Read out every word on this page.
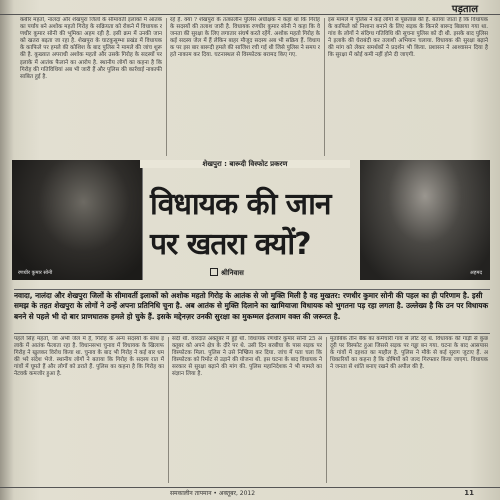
पड़ताल

कबीर महतो, नालंदा और शेखपुरा जिलों के सीमावर्ती इलाकों में आतंक का पर्याय बने अशोक महतो गिरोह के सक्रियता को रोकने में विधायक रणधीर कुमार सोनी की भूमिका अहम रही है. इसी क्रम में उनकी जान को खतरा बढ़ता जा रहा है. शेखपुरा के घाटकुसुम्भा प्रखंड में विधायक के काफिले पर हमले की कोशिश के बाद पुलिस ने मामले की जांच शुरू की है. कुख्यात अपराधी अशोक महतो और उसके गिरोह के सदस्यों पर इलाके में आतंक फैलाने का आरोप है. स्थानीय लोगों का कहना है कि गिरोह की गतिविधियां अब भी जारी हैं और पुलिस की कार्रवाई नाकाफी साबित हुई है.

रहे हैं. क्या ? शेखपुरा के तत्कालीन पुलिस अधीक्षक ने कहा था कि गिरोह के सदस्यों की तलाश जारी है. विधायक रणधीर कुमार सोनी ने कहा कि वे जनता की सुरक्षा के लिए लगातार संघर्ष करते रहेंगे. अशोक महतो गिरोह के कई सदस्य जेल में हैं लेकिन बाहर मौजूद सदस्य अब भी सक्रिय हैं. विधायक पर इस बार बारूदी हमले की साजिश रची गई थी जिसे पुलिस ने समय रहते नाकाम कर दिया. घटनास्थल से विस्फोटक बरामद किए गए.

इस मामले में पुलिस ने कई लोगों से पूछताछ की है. बताया जाता है कि विधायक के काफिले को निशाना बनाने के लिए सड़क के किनारे बारूद बिछाया गया था. गांव के लोगों ने संदिग्ध गतिविधि की सूचना पुलिस को दी थी. इसके बाद पुलिस ने इलाके की घेराबंदी कर तलाशी अभियान चलाया. विधायक की सुरक्षा बढ़ाने की मांग को लेकर समर्थकों ने प्रदर्शन भी किया. प्रशासन ने आश्वासन दिया है कि सुरक्षा में कोई कमी नहीं होने दी जाएगी.

रणधीर कुमार सोनी	अहमद
शेखपुरा : बारूदी विस्फोट प्रकरण
विधायक की जान
पर खतरा क्यों?
श्रीनिवास
नवादा, नालंदा और शेखपुरा जिलों के सीमावर्ती इलाकों को अशोक महतो गिरोह के आतंक से जो मुक्ति मिली है वह मुखतर: रणधीर कुमार सोनी की पहल का ही परिणाम है. इसी समझ के तहत शेखपुरा के लोगों ने उन्हें अपना प्रतिनिधि चुना है. अब आतंक से मुक्ति दिलाने का खामियाजा विधायक को भुगतना पड़ रहा लगता है. उल्लेख्य है कि उन पर विधायक बनने से पहले भी दो बार प्राणघातक हमले हो चुके हैं. इसके मद्देनज़र उनकी सुरक्षा का मुकम्मल इंतजाम वक्त की जरूरत है.

पहले सिंह महतो, जो अभी जेल में है, गिरोह के अन्य सदस्यों के साथ इलाके में आतंक फैलाता रहा है. विधानसभा चुनाव में विधायक के खिलाफ गिरोह ने खुलकर विरोध किया था. चुनाव के बाद भी गिरोह ने कई बार धमकी भरे संदेश भेजे. स्थानीय लोगों ने बताया कि गिरोह के सदस्य रात में गांवों में घूमते हैं और लोगों को डराते हैं. पुलिस का कहना है कि गिरोह का नेटवर्क कमजोर हुआ है.

सदी थी. वारदात अक्तूबर में हुई थी. विधायक रणधीर कुमार सोनी 25 अक्तूबर को अपने क्षेत्र के दौरे पर थे. उसी दिन बरबीघा के पास सड़क पर विस्फोटक मिला. पुलिस ने उसे निष्क्रिय कर दिया. जांच में पता चला कि विस्फोटक को रिमोट से उड़ाने की योजना थी. इस घटना के बाद विधायक ने सरकार से सुरक्षा बढ़ाने की मांग की. पुलिस महानिदेशक ने भी मामले का संज्ञान लिया है.

मुताबिक तीन बैंक का कर्मचारी गांव से लौट रहे थे. विधायक की गाड़ी से कुछ दूरी पर विस्फोट हुआ जिससे सड़क पर गड्ढा बन गया. घटना के बाद आसपास के गांवों में दहशत का माहौल है. पुलिस ने मौके से कई सुराग जुटाए हैं. अधिकारियों का कहना है कि दोषियों को जल्द गिरफ्तार किया जाएगा. विधायक ने जनता से शांति बनाए रखने की अपील की है.

समकालीन तापमान • अक्तूबर, 2012	11
